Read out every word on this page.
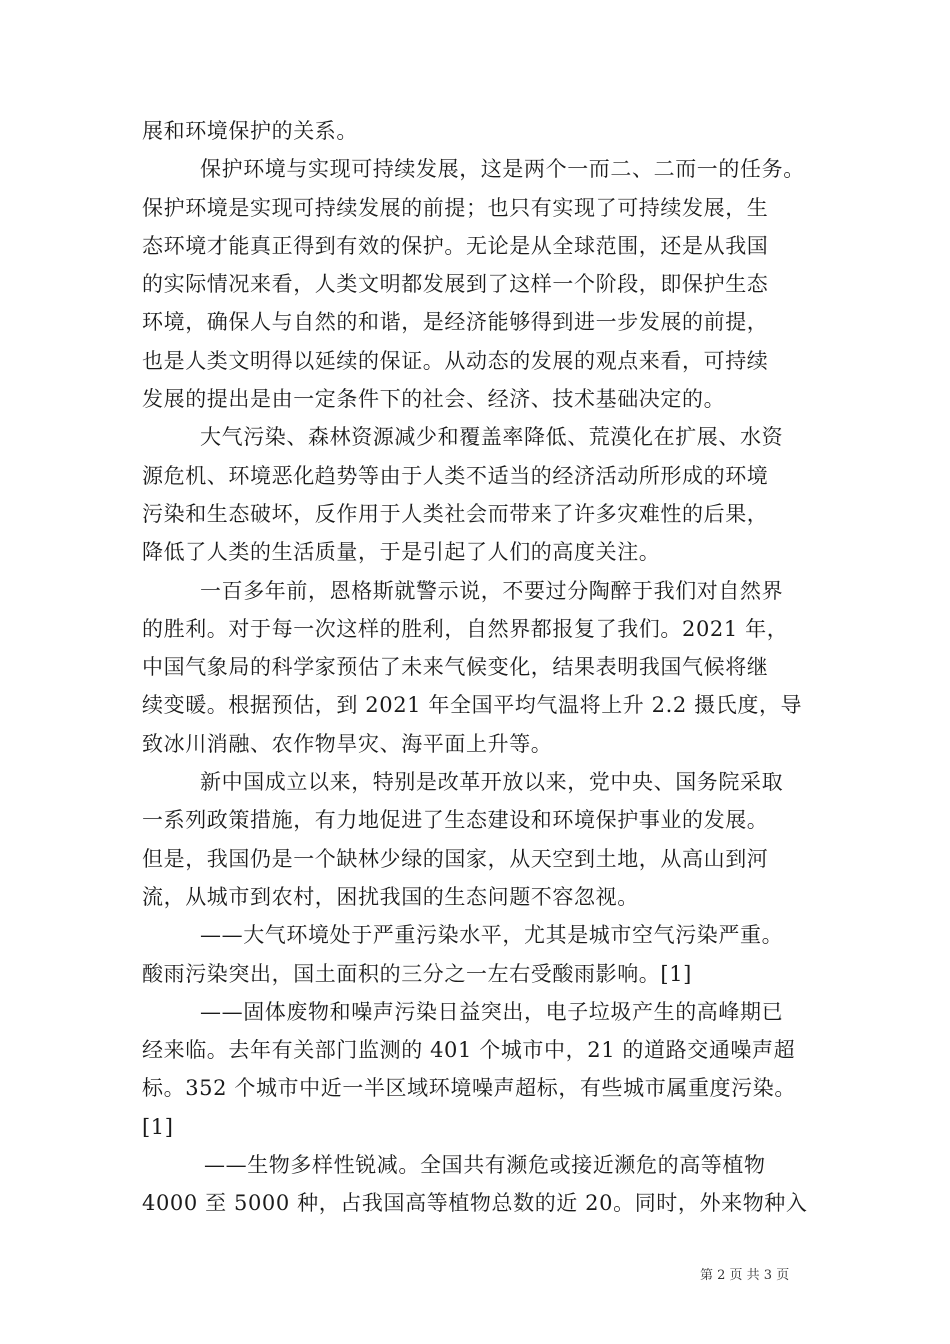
展和环境保护的关系。
保护环境与实现可持续发展，这是两个一而二、二而一的任务。
保护环境是实现可持续发展的前提；也只有实现了可持续发展，生
态环境才能真正得到有效的保护。无论是从全球范围，还是从我国
的实际情况来看，人类文明都发展到了这样一个阶段，即保护生态
环境，确保人与自然的和谐，是经济能够得到进一步发展的前提，
也是人类文明得以延续的保证。从动态的发展的观点来看，可持续
发展的提出是由一定条件下的社会、经济、技术基础决定的。
大气污染、森林资源减少和覆盖率降低、荒漠化在扩展、水资
源危机、环境恶化趋势等由于人类不适当的经济活动所形成的环境
污染和生态破坏，反作用于人类社会而带来了许多灾难性的后果，
降低了人类的生活质量，于是引起了人们的高度关注。
一百多年前，恩格斯就警示说，不要过分陶醉于我们对自然界
的胜利。对于每一次这样的胜利，自然界都报复了我们。2021 年，
中国气象局的科学家预估了未来气候变化，结果表明我国气候将继
续变暖。根据预估，到 2021 年全国平均气温将上升 2.2 摄氏度，导
致冰川消融、农作物旱灾、海平面上升等。
新中国成立以来，特别是改革开放以来，党中央、国务院采取
一系列政策措施，有力地促进了生态建设和环境保护事业的发展。
但是，我国仍是一个缺林少绿的国家，从天空到土地，从高山到河
流，从城市到农村，困扰我国的生态问题不容忽视。
——大气环境处于严重污染水平，尤其是城市空气污染严重。
酸雨污染突出，国土面积的三分之一左右受酸雨影响。[1]
——固体废物和噪声污染日益突出，电子垃圾产生的高峰期已
经来临。去年有关部门监测的 401 个城市中，21 的道路交通噪声超
标。352 个城市中近一半区域环境噪声超标，有些城市属重度污染。
[1]
——生物多样性锐减。全国共有濒危或接近濒危的高等植物
4000 至 5000 种，占我国高等植物总数的近 20。同时，外来物种入
第 2 页 共 3 页
